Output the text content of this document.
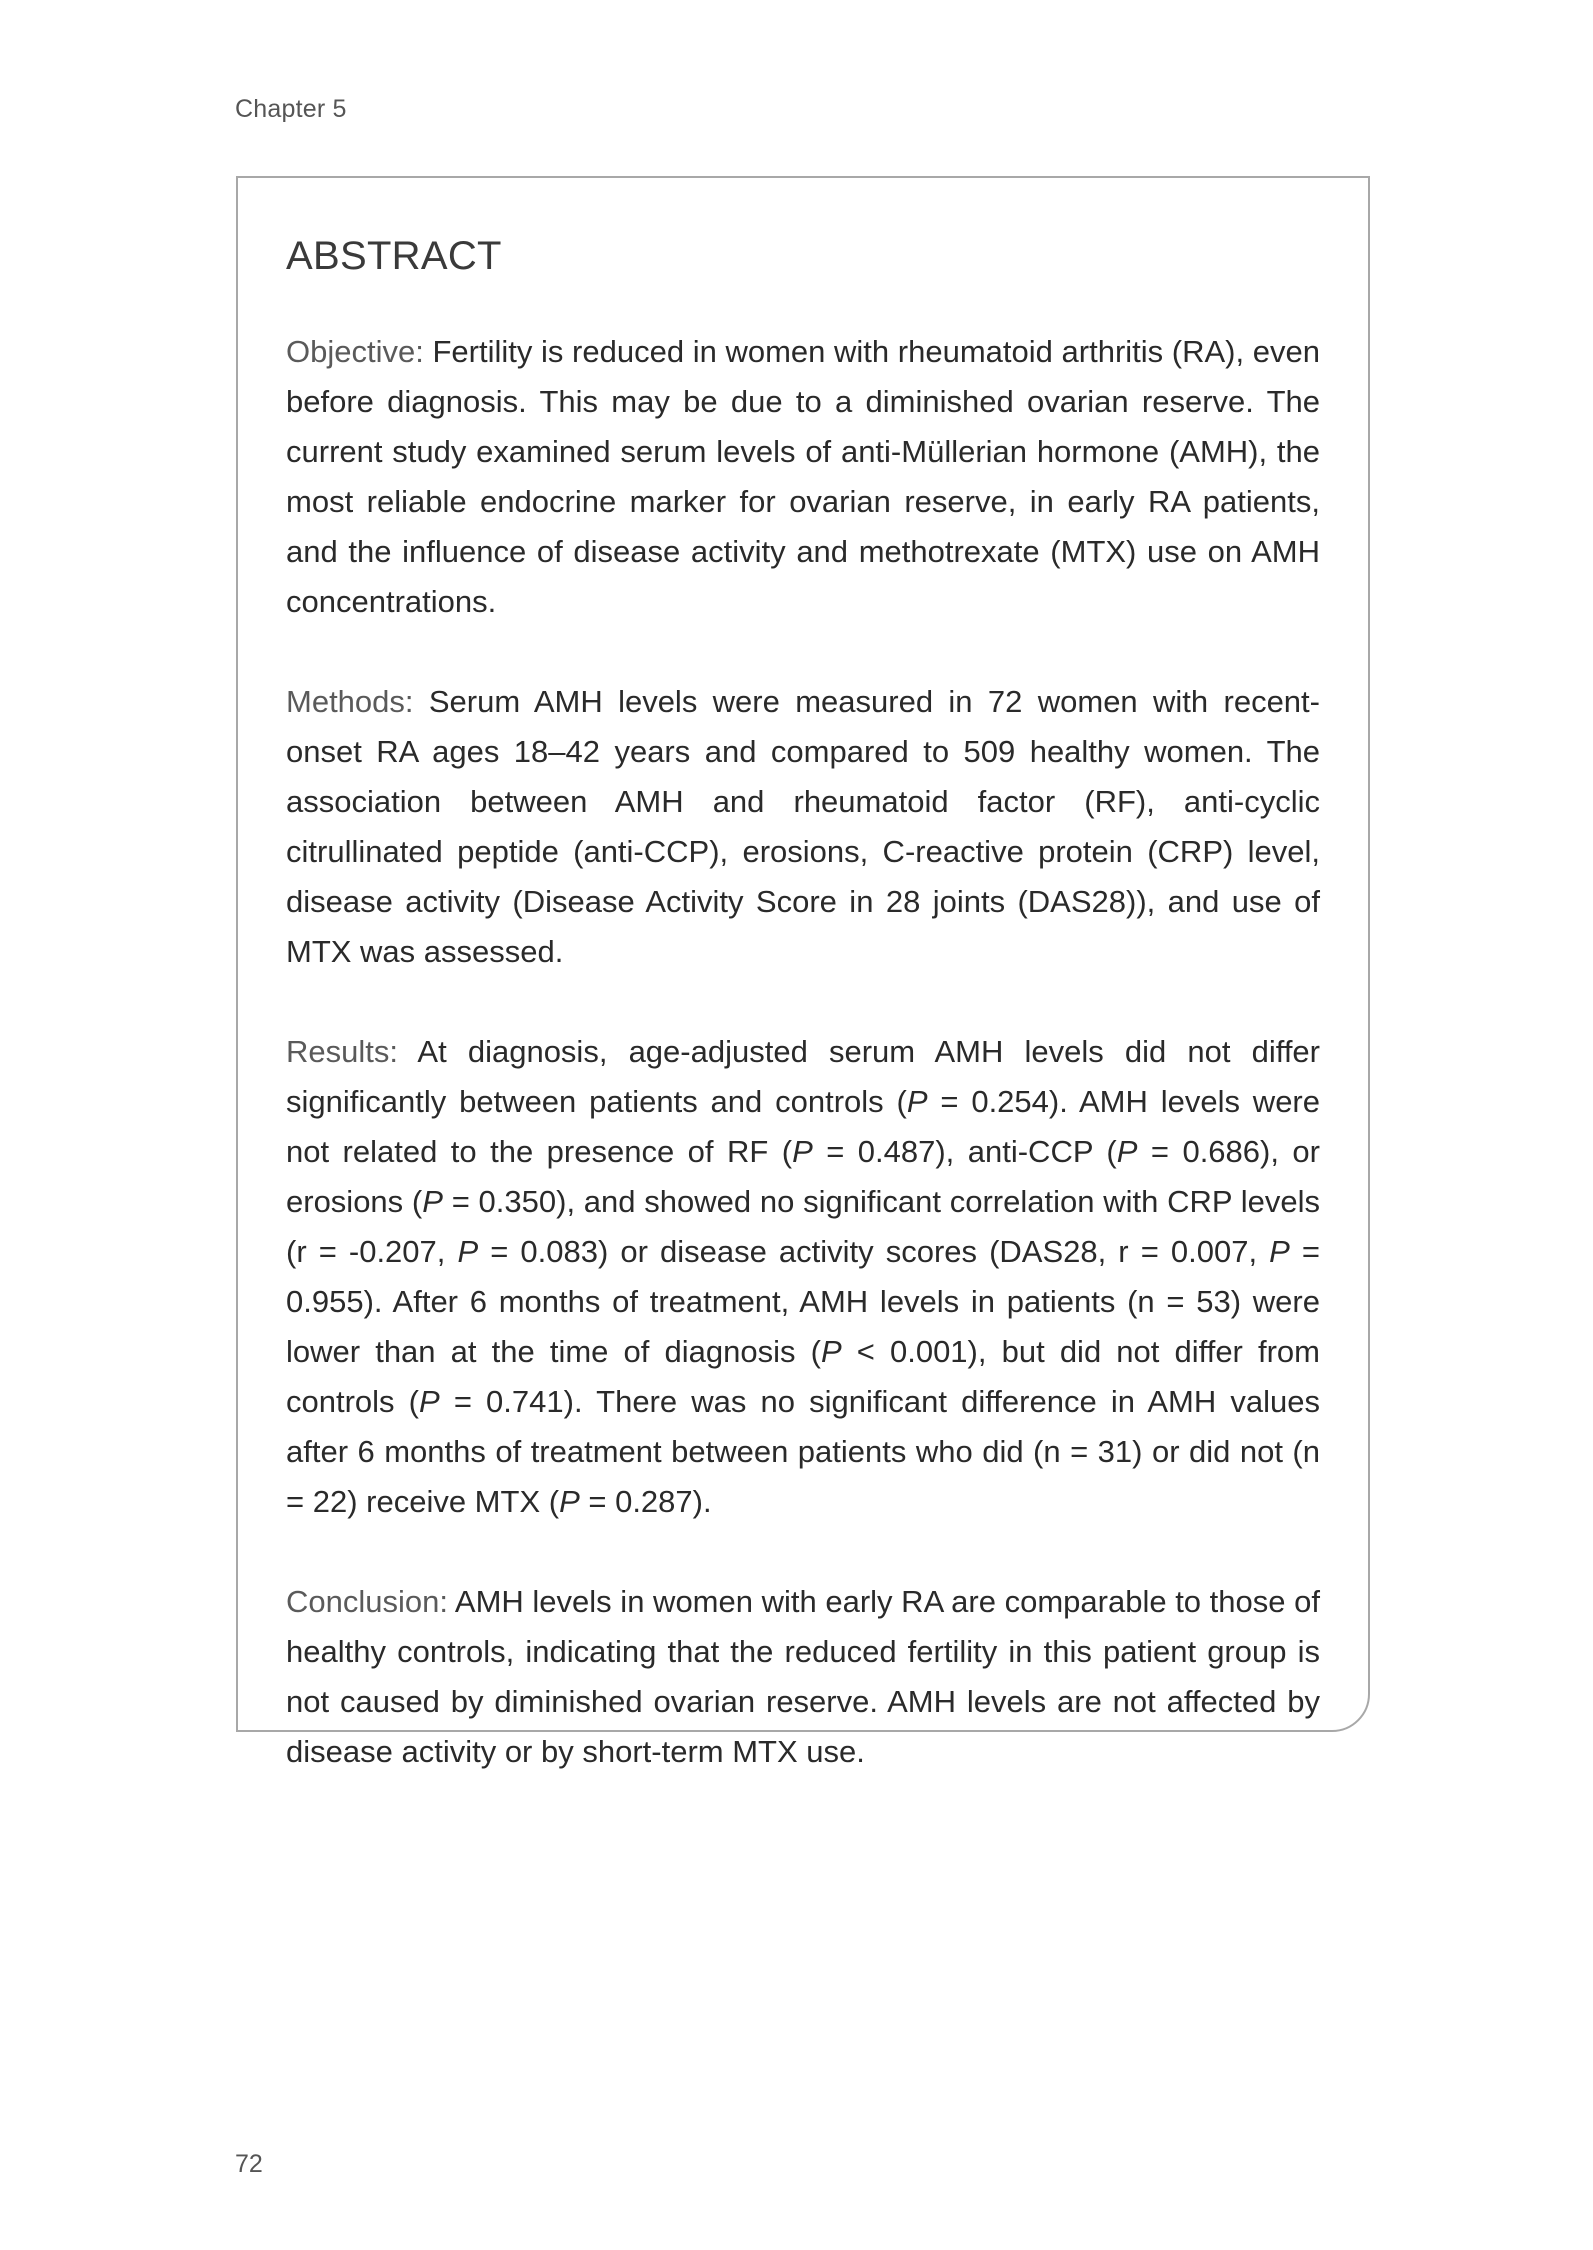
Chapter 5
ABSTRACT

Objective: Fertility is reduced in women with rheumatoid arthritis (RA), even before diagnosis. This may be due to a diminished ovarian reserve. The current study examined serum levels of anti-Müllerian hormone (AMH), the most reliable endocrine marker for ovarian reserve, in early RA patients, and the influence of disease activity and methotrexate (MTX) use on AMH concentrations.

Methods: Serum AMH levels were measured in 72 women with recent-onset RA ages 18–42 years and compared to 509 healthy women. The association between AMH and rheumatoid factor (RF), anti-cyclic citrullinated peptide (anti-CCP), erosions, C-reactive protein (CRP) level, disease activity (Disease Activity Score in 28 joints (DAS28)), and use of MTX was assessed.

Results: At diagnosis, age-adjusted serum AMH levels did not differ significantly between patients and controls (P = 0.254). AMH levels were not related to the presence of RF (P = 0.487), anti-CCP (P = 0.686), or erosions (P = 0.350), and showed no significant correlation with CRP levels (r = -0.207, P = 0.083) or disease activity scores (DAS28, r = 0.007, P = 0.955). After 6 months of treatment, AMH levels in patients (n = 53) were lower than at the time of diagnosis (P < 0.001), but did not differ from controls (P = 0.741). There was no significant difference in AMH values after 6 months of treatment between patients who did (n = 31) or did not (n = 22) receive MTX (P = 0.287).

Conclusion: AMH levels in women with early RA are comparable to those of healthy controls, indicating that the reduced fertility in this patient group is not caused by diminished ovarian reserve. AMH levels are not affected by disease activity or by short-term MTX use.

72
